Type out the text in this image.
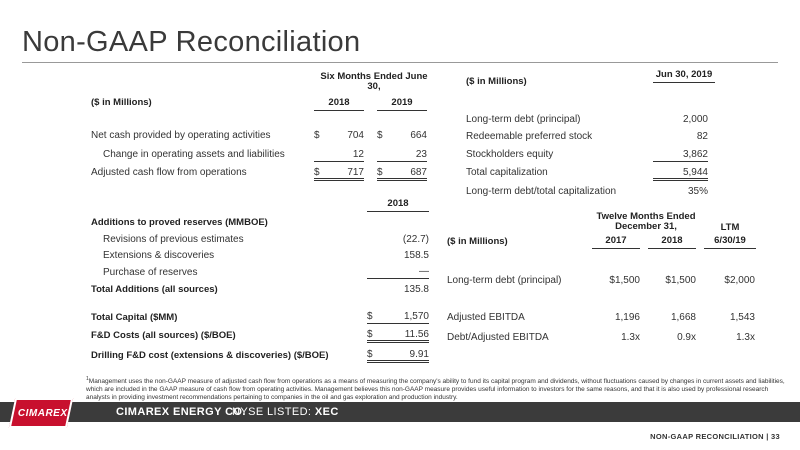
Non-GAAP Reconciliation
Six Months Ended June 30,
($ in Millions)	2018	2019
Net cash provided by operating activities	$	704 $	664
Change in operating assets and liabilities	12	23
Adjusted cash flow from operations	$	717 $	687
2018
Additions to proved reserves (MMBOE)
Revisions of previous estimates	(22.7)
Extensions & discoveries	158.5
Purchase of reserves	—
Total Additions (all sources)	135.8
Total Capital ($MM)	$	1,570
F&D Costs (all sources) ($/BOE)	$	11.56
Drilling F&D cost (extensions & discoveries) ($/BOE)	$	9.91
($ in Millions)
Jun 30, 2019
Long-term debt (principal)	2,000
Redeemable preferred stock	82
Stockholders equity	3,862
Total capitalization	5,944
Long-term debt/total capitalization	35%
Twelve Months Ended December 31,	LTM
($ in Millions)	2017	2018	6/30/19
Long-term debt (principal)	$1,500	$1,500	$2,000
Adjusted EBITDA	1,196	1,668	1,543
Debt/Adjusted EBITDA	1.3x	0.9x	1.3x
$^1$Management uses the non-GAAP measure of adjusted cash flow from operations as a means of measuring the company's ability to fund its capital program and dividends, without fluctuations caused by changes in current assets and liabilities, which are included in the GAAP measure of cash flow from operating activities. Management believes this non-GAAP measure provides useful information to investors for the same reasons, and that it is also used by professional research analysts in providing investment recommendations pertaining to companies in the oil and gas exploration and production industry.
CIMAREX	CIMAREX ENERGY CO.
NYSE LISTED: XEC
NON-GAAP RECONCILIATION | 33
